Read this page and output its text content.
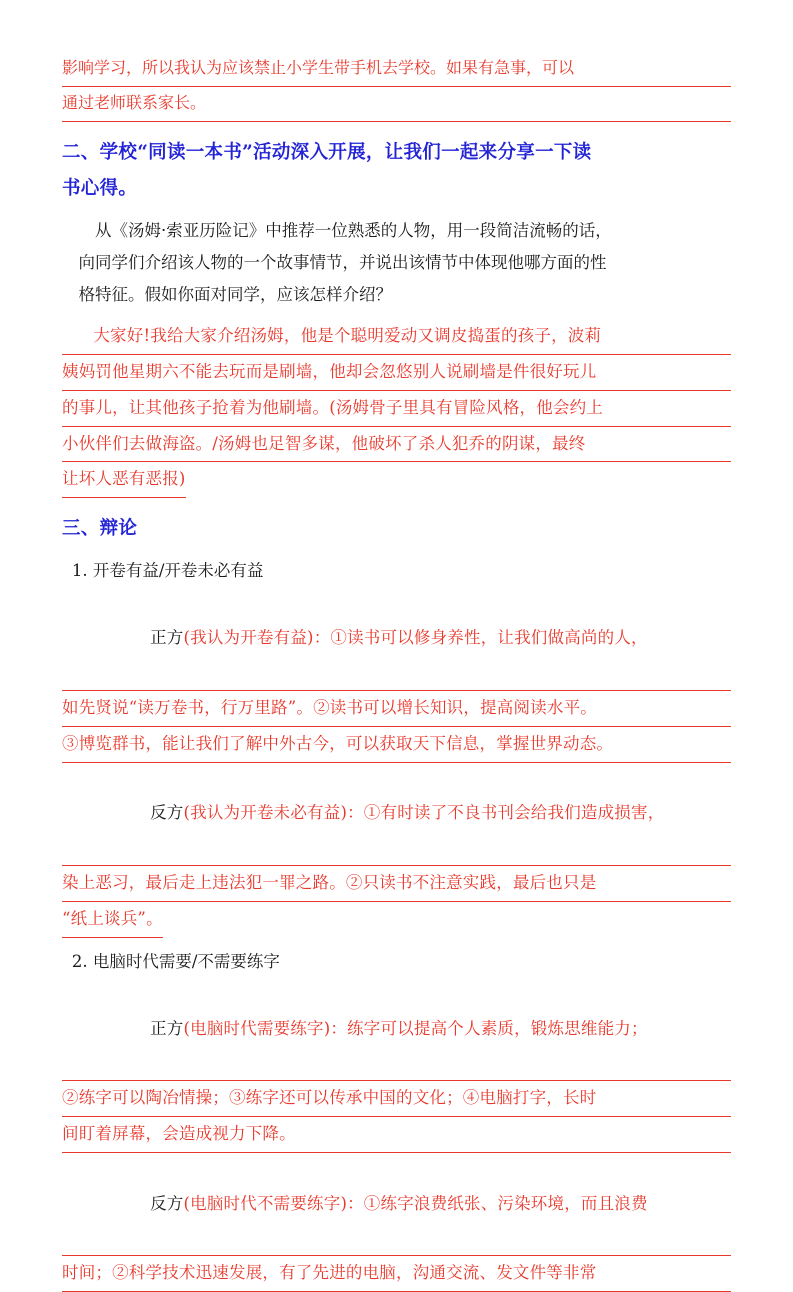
影响学习，所以我认为应该禁止小学生带手机去学校。如果有急事，可以
通过老师联系家长。
二、学校“同读一本书”活动深入开展，让我们一起来分享一下读
书心得。
从《汤姆·索亚历险记》中推荐一位熟悉的人物，用一段简洁流畅的话，
向同学们介绍该人物的一个故事情节，并说出该情节中体现他哪方面的性
格特征。假如你面对同学，应该怎样介绍？
大家好!我给大家介绍汤姆，他是个聪明爱动又调皮捣蛋的孩子，波莉
姨妈罚他星期六不能去玩而是刷墙，他却会忽悠别人说刷墙是件很好玩儿
的事儿，让其他孩子抢着为他刷墙。(汤姆骨子里具有冒险风格，他会约上
小伙伴们去做海盗。/汤姆也足智多谋，他破坏了杀人犯乔的阴谋，最终
让坏人恶有恶报)
三、辩论
1. 开卷有益/开卷未必有益

正方(我认为开卷有益)：①读书可以修身养性，让我们做高尚的人，

如先贤说“读万卷书，行万里路”。②读书可以增长知识，提高阅读水平。
③博览群书，能让我们了解中外古今，可以获取天下信息，掌握世界动态。

反方(我认为开卷未必有益)：①有时读了不良书刊会给我们造成损害，

染上恶习，最后走上违法犯一罪之路。②只读书不注意实践，最后也只是
“纸上谈兵”。
2. 电脑时代需要/不需要练字

正方(电脑时代需要练字)：练字可以提高个人素质，锻炼思维能力；

②练字可以陶冶情操；③练字还可以传承中国的文化；④电脑打字，长时
间盯着屏幕，会造成视力下降。

反方(电脑时代不需要练字)：①练字浪费纸张、污染环境，而且浪费

时间；②科学技术迅速发展，有了先进的电脑，沟通交流、发文件等非常
